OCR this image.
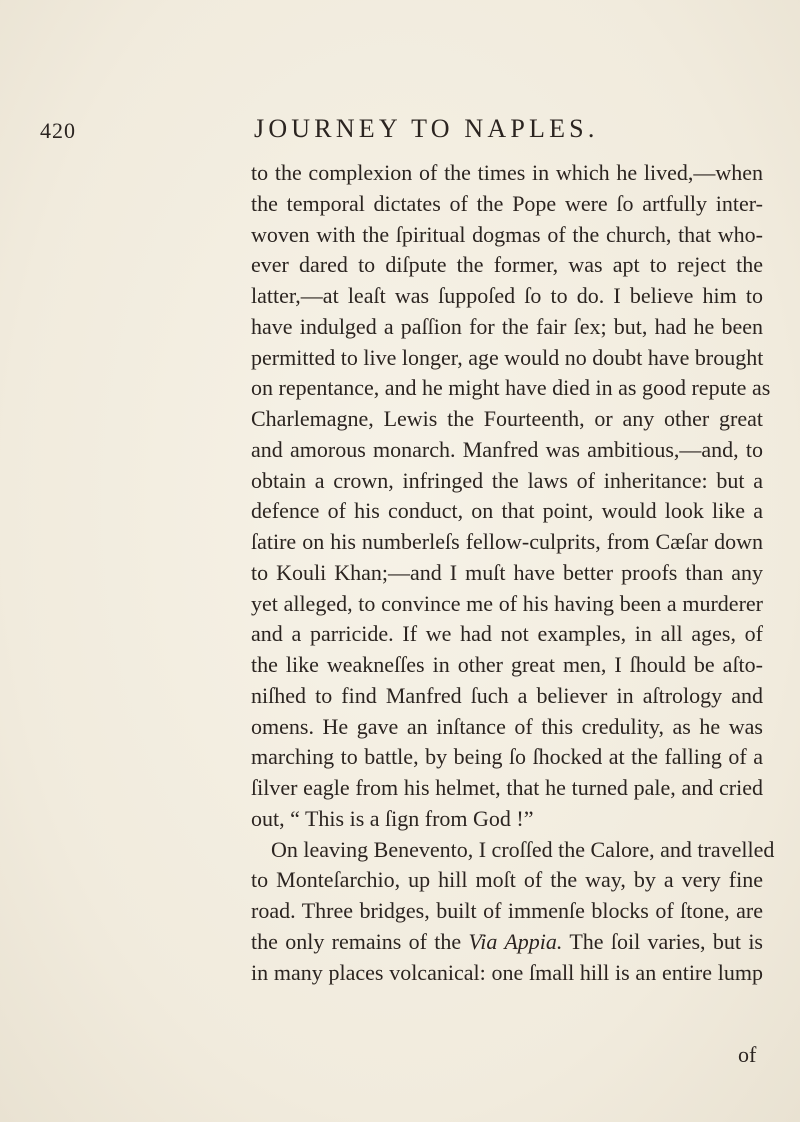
420	JOURNEY TO NAPLES.
to the complexion of the times in which he lived,—when
the temporal dictates of the Pope were ſo artfully inter-
woven with the ſpiritual dogmas of the church, that who-
ever dared to diſpute the former, was apt to reject the
latter,—at leaſt was ſuppoſed ſo to do. I believe him to
have indulged a paſſion for the fair ſex; but, had he been
permitted to live longer, age would no doubt have brought
on repentance, and he might have died in as good repute as
Charlemagne, Lewis the Fourteenth, or any other great
and amorous monarch. Manfred was ambitious,—and, to
obtain a crown, infringed the laws of inheritance: but a
defence of his conduct, on that point, would look like a
ſatire on his numberleſs fellow-culprits, from Cæſar down
to Kouli Khan;—and I muſt have better proofs than any
yet alleged, to convince me of his having been a murderer
and a parricide. If we had not examples, in all ages, of
the like weakneſſes in other great men, I ſhould be aſto-
niſhed to find Manfred ſuch a believer in aſtrology and
omens. He gave an inſtance of this credulity, as he was
marching to battle, by being ſo ſhocked at the falling of a
ſilver eagle from his helmet, that he turned pale, and cried
out, “ This is a ſign from God !”
On leaving Benevento, I croſſed the Calore, and travelled
to Monteſarchio, up hill moſt of the way, by a very fine
road. Three bridges, built of immenſe blocks of ſtone, are
the only remains of the Via Appia. The ſoil varies, but is
in many places volcanical: one ſmall hill is an entire lump
of
